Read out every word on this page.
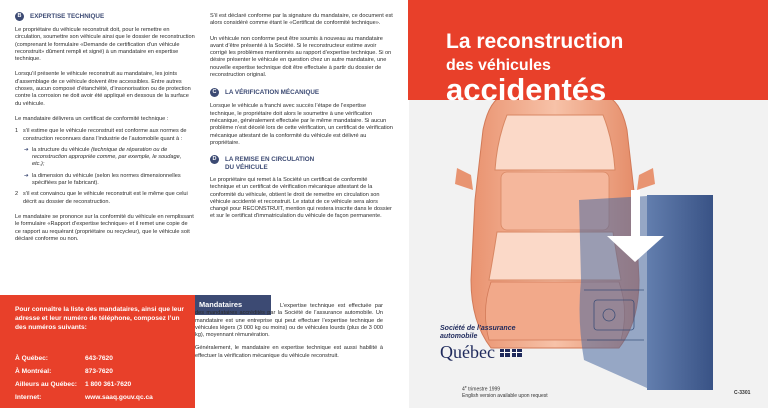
B	EXPERTISE TECHNIQUE

Le propriétaire du véhicule reconstruit doit, pour le remettre en circulation, soumettre son véhicule ainsi que le dossier de reconstruction (comprenant le formulaire «Demande de certification d’un véhicule reconstruit» dûment rempli et signé) à un mandataire en expertise technique.

Lorsqu’il présente le véhicule reconstruit au mandataire, les joints d’assemblage de ce véhicule doivent être accessibles. Entre autres choses, aucun composé d’étanchéité, d’insonorisation ou de protection contre la corrosion ne doit avoir été appliqué en dessous de la surface du véhicule.

Le mandataire délivrera un certificat de conformité technique :

1 s’il estime que le véhicule reconstruit est conforme aux normes de construction reconnues dans l’industrie de l’automobile quant à :
➔ la structure du véhicule (technique de réparation ou de reconstruction appropriée comme, par exemple, le soudage, etc.);
➔ la dimension du véhicule (selon les normes dimensionnelles spécifiées par le fabricant).
2 s’il est convaincu que le véhicule reconstruit est le même que celui décrit au dossier de reconstruction.

Le mandataire se prononce sur la conformité du véhicule en remplissant le formulaire «Rapport d’expertise technique» et il remet une copie de ce rapport au requérant (propriétaire ou recycleur), que le véhicule soit déclaré conforme ou non.

S’il est déclaré conforme par la signature du mandataire, ce document est alors considéré comme étant le «Certificat de conformité technique».

Un véhicule non conforme peut être soumis à nouveau au mandataire avant d’être présenté à la Société. Si le reconstructeur estime avoir corrigé les problèmes mentionnés au rapport d’expertise technique. Si on désire présenter le véhicule en question chez un autre mandataire, une nouvelle expertise technique doit être effectuée à partir du dossier de reconstruction original.

C	LA VÉRIFICATION MÉCANIQUE

Lorsque le véhicule a franchi avec succès l’étape de l’expertise technique, le propriétaire doit alors le soumettre à une vérification mécanique, généralement effectuée par le même mandataire. Si aucun problème n’est décelé lors de cette vérification, un certificat de vérification mécanique attestant de la conformité du véhicule est délivré au propriétaire.

D	LA REMISE EN CIRCULATION
DU VÉHICULE

Le propriétaire qui remet à la Société un certificat de conformité technique et un certificat de vérification mécanique attestant de la conformité du véhicule, obtient le droit de remettre en circulation son véhicule accidenté et reconstruit. Le statut de ce véhicule sera alors changé pour RECONSTRUIT, mention qui restera inscrite dans le dossier et sur le certificat d’immatriculation du véhicule de façon permanente.

La reconstruction
des véhicules
accidentés
Société de l’assurance
automobile
Québec
4e trimestre 1999
English version available upon request	C-3301
Pour connaître la liste des mandataires, ainsi que leur adresse et leur numéro de téléphone, composez l’un des numéros suivants:
À Québec:	643-7620
À Montréal:	873-7620
Ailleurs au Québec: 1 800 361-7620
Internet:	www.saaq.gouv.qc.ca
Mandataires	L’expertise technique est effectuée par des mandataires accrédités par la Société de l’assurance automobile. Un mandataire est une entreprise qui peut effectuer l’expertise technique de véhicules légers (3 000 kg ou moins) ou de véhicules lourds (plus de 3 000 kg), moyennant rémunération.

Généralement, le mandataire en expertise technique est aussi habilité à effectuer la vérification mécanique du véhicule reconstruit.
